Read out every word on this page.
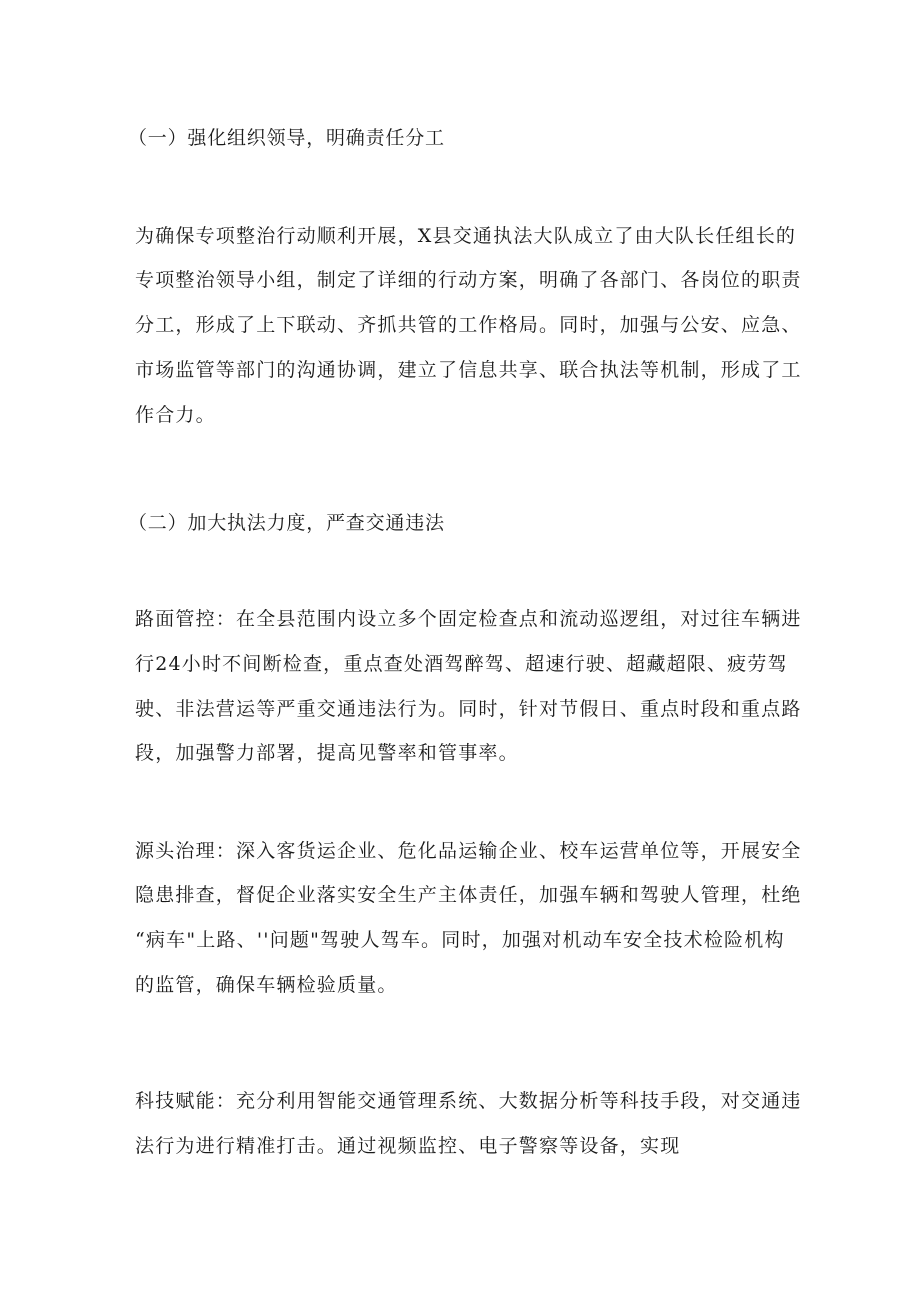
（一）强化组织领导，明确责任分工
为确保专项整治行动顺利开展，X县交通执法大队成立了由大队长任组长的
专项整治领导小组，制定了详细的行动方案，明确了各部门、各岗位的职责
分工，形成了上下联动、齐抓共管的工作格局。同时，加强与公安、应急、
市场监管等部门的沟通协调，建立了信息共享、联合执法等机制，形成了工
作合力。
（二）加大执法力度，严查交通违法
路面管控：在全县范围内设立多个固定检查点和流动巡逻组，对过往车辆进
行24小时不间断检查，重点查处酒驾醉驾、超速行驶、超藏超限、疲劳驾
驶、非法营运等严重交通违法行为。同时，针对节假日、重点时段和重点路
段，加强警力部署，提高见警率和管事率。
源头治理：深入客货运企业、危化品运输企业、校车运营单位等，开展安全
隐患排查，督促企业落实安全生产主体责任，加强车辆和驾驶人管理，杜绝
“病车"上路、''问题"驾驶人驾车。同时，加强对机动车安全技术检险机构
的监管，确保车辆检验质量。
科技赋能：充分利用智能交通管理系统、大数据分析等科技手段，对交通违
法行为进行精准打击。通过视频监控、电子警察等设备，实现
